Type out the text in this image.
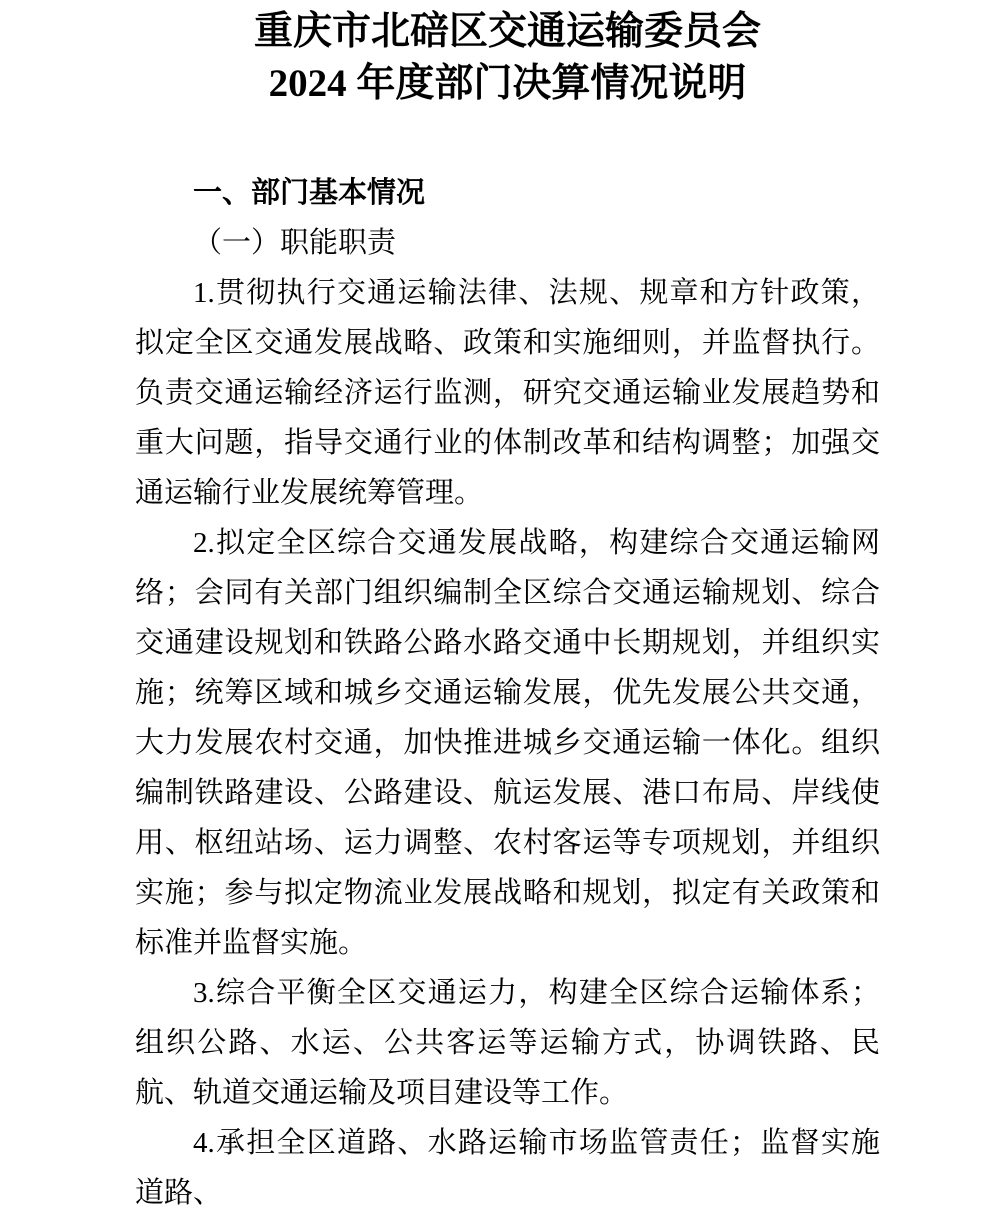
重庆市北碚区交通运输委员会
2024 年度部门决算情况说明
一、部门基本情况
（一）职能职责

1.贯彻执行交通运输法律、法规、规章和方针政策，拟定全区交通发展战略、政策和实施细则，并监督执行。负责交通运输经济运行监测，研究交通运输业发展趋势和重大问题，指导交通行业的体制改革和结构调整；加强交通运输行业发展统筹管理。

2.拟定全区综合交通发展战略，构建综合交通运输网络；会同有关部门组织编制全区综合交通运输规划、综合交通建设规划和铁路公路水路交通中长期规划，并组织实施；统筹区域和城乡交通运输发展，优先发展公共交通，大力发展农村交通，加快推进城乡交通运输一体化。组织编制铁路建设、公路建设、航运发展、港口布局、岸线使用、枢纽站场、运力调整、农村客运等专项规划，并组织实施；参与拟定物流业发展战略和规划，拟定有关政策和标准并监督实施。

3.综合平衡全区交通运力，构建全区综合运输体系；组织公路、水运、公共客运等运输方式，协调铁路、民航、轨道交通运输及项目建设等工作。

4.承担全区道路、水路运输市场监管责任；监督实施道路、
